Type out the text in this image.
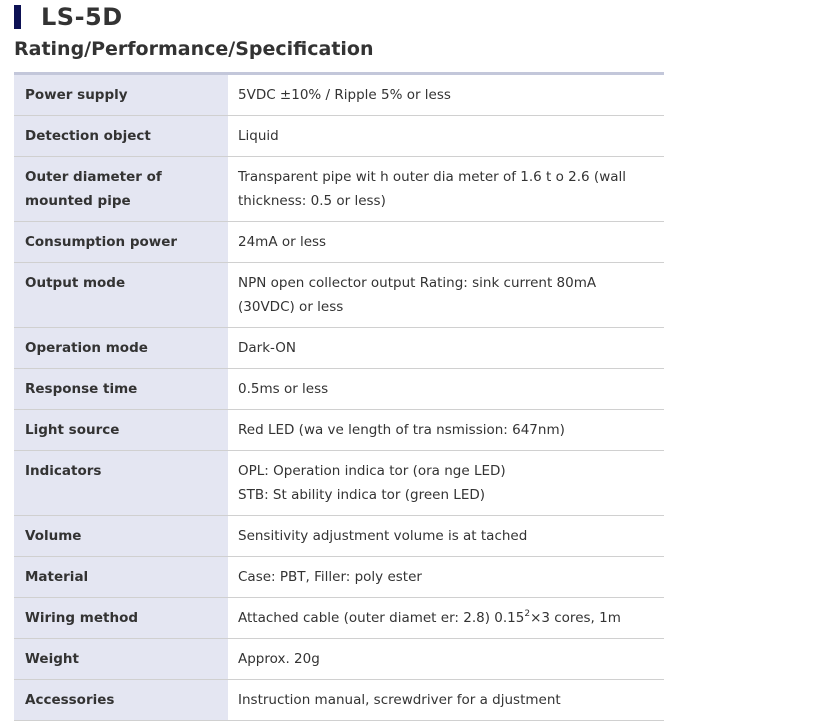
LS-5D
Rating/Performance/Specification
Power supply	5VDC ±10% / Ripple 5% or less
Detection object	Liquid
Outer diameter of mounted pipe	Transparent pipe wit h outer dia meter of 1.6 t o 2.6 (wall thickness: 0.5 or less)
Consumption power	24mA or less
Output mode	NPN open collector output Rating: sink current 80mA (30VDC) or less
Operation mode	Dark-ON
Response time	0.5ms or less
Light source	Red LED (wa ve length of tra nsmission: 647nm)
Indicators	OPL: Operation indica tor (ora nge LED)
STB: St ability indica tor (green LED)

Volume	Sensitivity adjustment volume is at tached
Material	Case: PBT, Filler: poly ester
Wiring method	Attached cable (outer diamet er: 2.8) $0.15^2\times 3$ cores, 1m
Weight	Approx. 20g
Accessories	Instruction manual, screwdriver for a djustment
